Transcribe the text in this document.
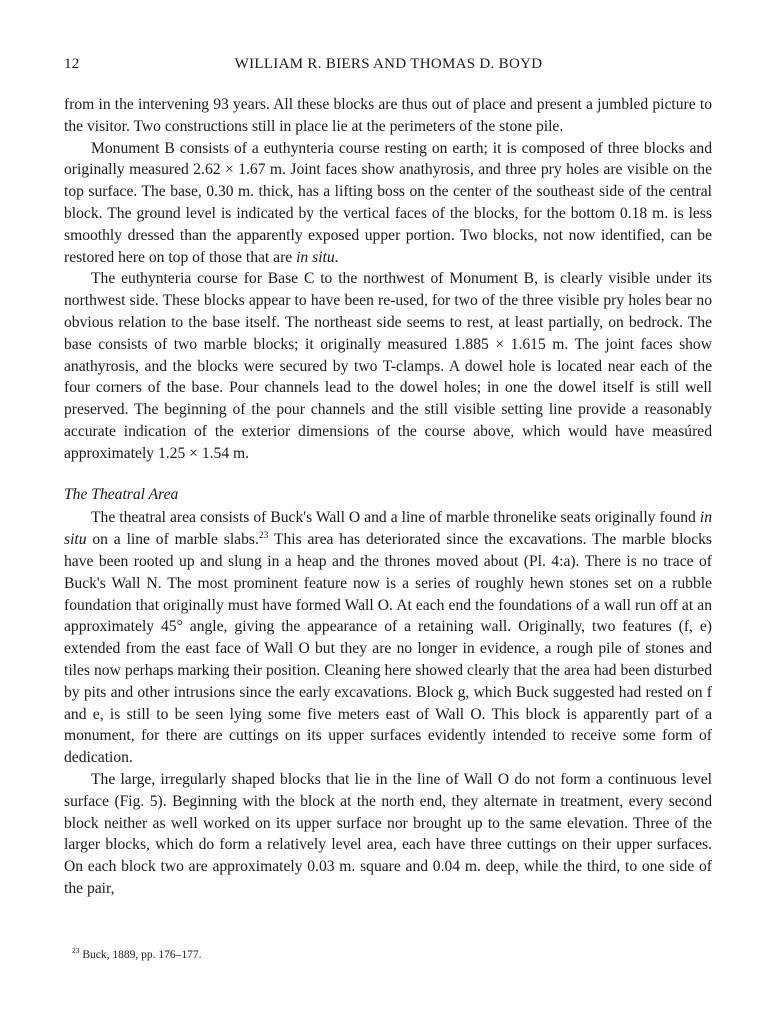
12	WILLIAM R. BIERS AND THOMAS D. BOYD

from in the intervening 93 years. All these blocks are thus out of place and present a jumbled picture to the visitor. Two constructions still in place lie at the perimeters of the stone pile.

Monument B consists of a euthynteria course resting on earth; it is composed of three blocks and originally measured 2.62 × 1.67 m. Joint faces show anathyrosis, and three pry holes are visible on the top surface. The base, 0.30 m. thick, has a lifting boss on the center of the southeast side of the central block. The ground level is indicated by the vertical faces of the blocks, for the bottom 0.18 m. is less smoothly dressed than the apparently exposed upper portion. Two blocks, not now identified, can be restored here on top of those that are in situ.

The euthynteria course for Base C to the northwest of Monument B, is clearly visible under its northwest side. These blocks appear to have been re-used, for two of the three visible pry holes bear no obvious relation to the base itself. The northeast side seems to rest, at least partially, on bedrock. The base consists of two marble blocks; it originally measured 1.885 × 1.615 m. The joint faces show anathyrosis, and the blocks were secured by two T-clamps. A dowel hole is located near each of the four corners of the base. Pour channels lead to the dowel holes; in one the dowel itself is still well preserved. The beginning of the pour channels and the still visible setting line provide a reasonably accurate indication of the exterior dimensions of the course above, which would have measúred approximately 1.25 × 1.54 m.

The Theatral Area

The theatral area consists of Buck's Wall O and a line of marble thronelike seats originally found in situ on a line of marble slabs.$^{23}$ This area has deteriorated since the excavations. The marble blocks have been rooted up and slung in a heap and the thrones moved about (Pl. 4:a). There is no trace of Buck's Wall N. The most prominent feature now is a series of roughly hewn stones set on a rubble foundation that originally must have formed Wall O. At each end the foundations of a wall run off at an approximately 45° angle, giving the appearance of a retaining wall. Originally, two features (f, e) extended from the east face of Wall O but they are no longer in evidence, a rough pile of stones and tiles now perhaps marking their position. Cleaning here showed clearly that the area had been disturbed by pits and other intrusions since the early excavations. Block g, which Buck suggested had rested on f and e, is still to be seen lying some five meters east of Wall O. This block is apparently part of a monument, for there are cuttings on its upper surfaces evidently intended to receive some form of dedication.

The large, irregularly shaped blocks that lie in the line of Wall O do not form a continuous level surface (Fig. 5). Beginning with the block at the north end, they alternate in treatment, every second block neither as well worked on its upper surface nor brought up to the same elevation. Three of the larger blocks, which do form a relatively level area, each have three cuttings on their upper surfaces. On each block two are approximately 0.03 m. square and 0.04 m. deep, while the third, to one side of the pair,

$^{23}$ Buck, 1889, pp. 176–177.
